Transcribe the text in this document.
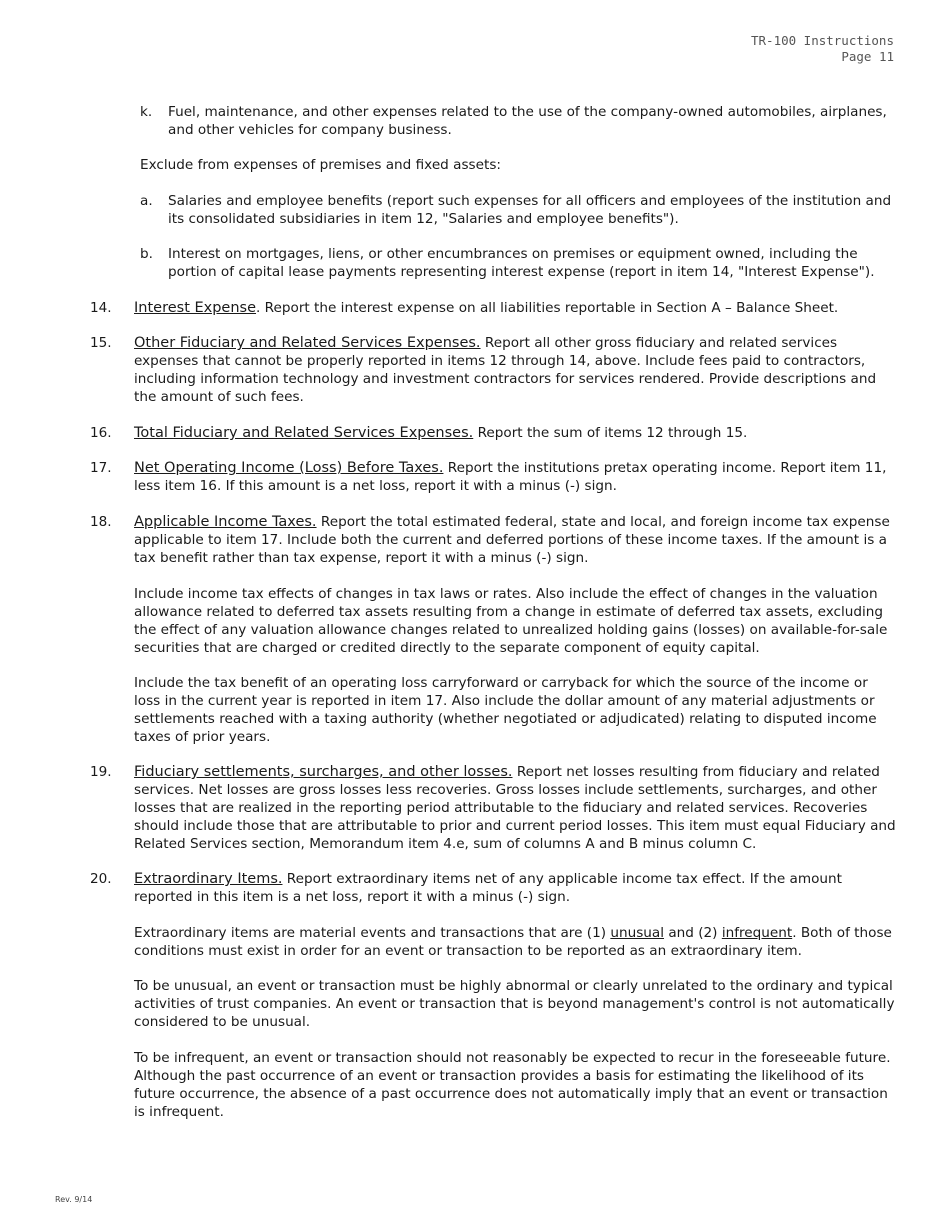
TR-100 Instructions
Page 11
k. Fuel, maintenance, and other expenses related to the use of the company-owned automobiles, airplanes, and other vehicles for company business.
Exclude from expenses of premises and fixed assets:
a. Salaries and employee benefits (report such expenses for all officers and employees of the institution and its consolidated subsidiaries in item 12, "Salaries and employee benefits").
b. Interest on mortgages, liens, or other encumbrances on premises or equipment owned, including the portion of capital lease payments representing interest expense (report in item 14, "Interest Expense").
14. Interest Expense. Report the interest expense on all liabilities reportable in Section A – Balance Sheet.
15. Other Fiduciary and Related Services Expenses. Report all other gross fiduciary and related services expenses that cannot be properly reported in items 12 through 14, above. Include fees paid to contractors, including information technology and investment contractors for services rendered. Provide descriptions and the amount of such fees.
16. Total Fiduciary and Related Services Expenses. Report the sum of items 12 through 15.
17. Net Operating Income (Loss) Before Taxes. Report the institutions pretax operating income. Report item 11, less item 16. If this amount is a net loss, report it with a minus (-) sign.
18. Applicable Income Taxes. Report the total estimated federal, state and local, and foreign income tax expense applicable to item 17. Include both the current and deferred portions of these income taxes. If the amount is a tax benefit rather than tax expense, report it with a minus (-) sign.
Include income tax effects of changes in tax laws or rates. Also include the effect of changes in the valuation allowance related to deferred tax assets resulting from a change in estimate of deferred tax assets, excluding the effect of any valuation allowance changes related to unrealized holding gains (losses) on available-for-sale securities that are charged or credited directly to the separate component of equity capital.
Include the tax benefit of an operating loss carryforward or carryback for which the source of the income or loss in the current year is reported in item 17. Also include the dollar amount of any material adjustments or settlements reached with a taxing authority (whether negotiated or adjudicated) relating to disputed income taxes of prior years.
19. Fiduciary settlements, surcharges, and other losses. Report net losses resulting from fiduciary and related services. Net losses are gross losses less recoveries. Gross losses include settlements, surcharges, and other losses that are realized in the reporting period attributable to the fiduciary and related services. Recoveries should include those that are attributable to prior and current period losses. This item must equal Fiduciary and Related Services section, Memorandum item 4.e, sum of columns A and B minus column C.
20. Extraordinary Items. Report extraordinary items net of any applicable income tax effect. If the amount reported in this item is a net loss, report it with a minus (-) sign.
Extraordinary items are material events and transactions that are (1) unusual and (2) infrequent. Both of those conditions must exist in order for an event or transaction to be reported as an extraordinary item.
To be unusual, an event or transaction must be highly abnormal or clearly unrelated to the ordinary and typical activities of trust companies. An event or transaction that is beyond management's control is not automatically considered to be unusual.
To be infrequent, an event or transaction should not reasonably be expected to recur in the foreseeable future. Although the past occurrence of an event or transaction provides a basis for estimating the likelihood of its future occurrence, the absence of a past occurrence does not automatically imply that an event or transaction is infrequent.
Rev. 9/14
